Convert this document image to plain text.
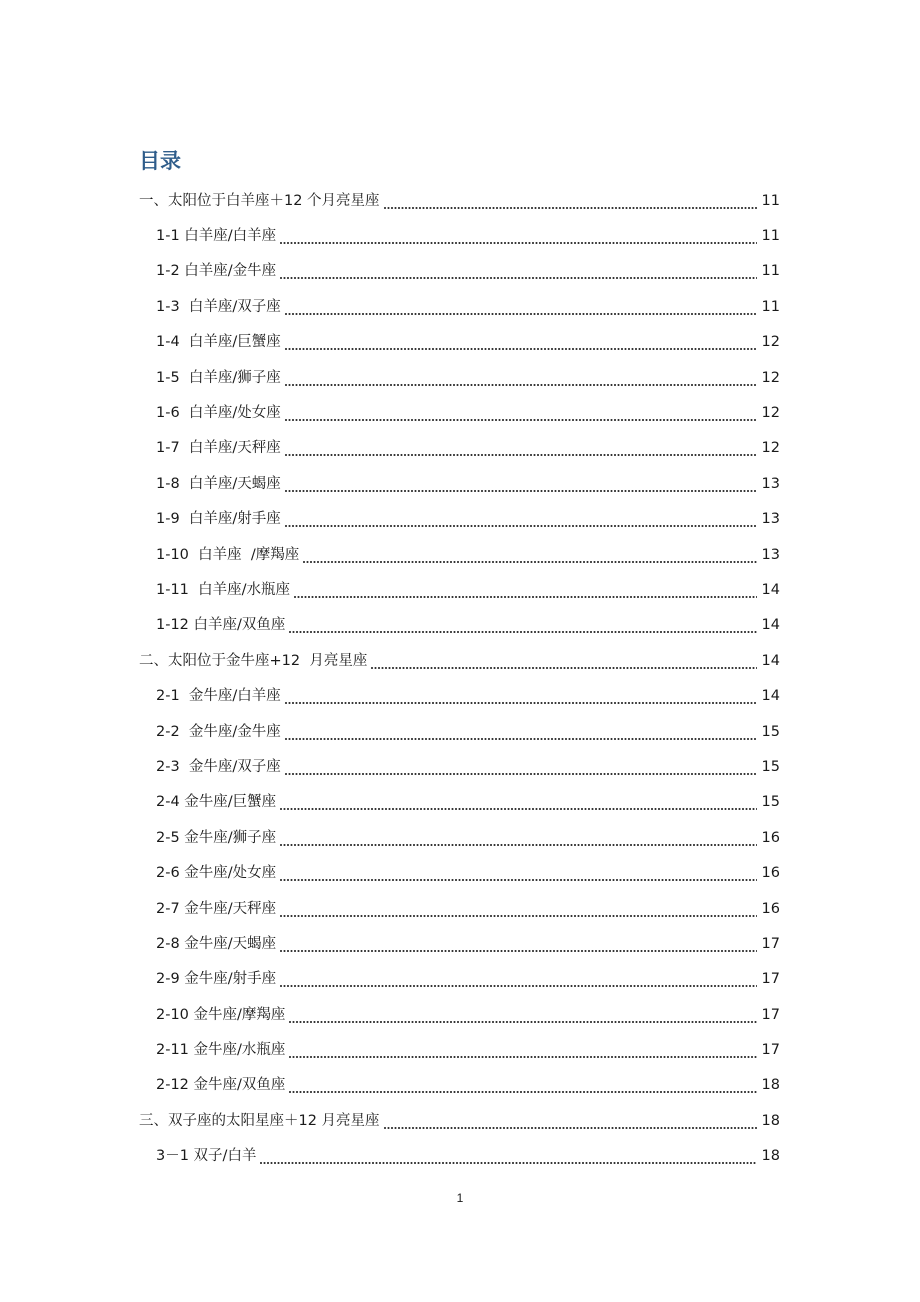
目录
一、太阳位于白羊座＋12 个月亮星座	11
1-1 白羊座/白羊座	11
1-2 白羊座/金牛座	11
1-3  白羊座/双子座	11
1-4  白羊座/巨蟹座	12
1-5  白羊座/狮子座	12
1-6  白羊座/处女座	12
1-7  白羊座/天秤座	12
1-8  白羊座/天蝎座	13
1-9  白羊座/射手座	13
1-10  白羊座  /摩羯座	13
1-11  白羊座/水瓶座	14
1-12 白羊座/双鱼座	14
二、太阳位于金牛座+12  月亮星座	14
2-1  金牛座/白羊座	14
2-2  金牛座/金牛座	15
2-3  金牛座/双子座	15
2-4 金牛座/巨蟹座	15
2-5 金牛座/狮子座	16
2-6 金牛座/处女座	16
2-7 金牛座/天秤座	16
2-8 金牛座/天蝎座	17
2-9 金牛座/射手座	17
2-10 金牛座/摩羯座	17
2-11 金牛座/水瓶座	17
2-12 金牛座/双鱼座	18
三、双子座的太阳星座＋12 月亮星座	18
3－1 双子/白羊	18
1
